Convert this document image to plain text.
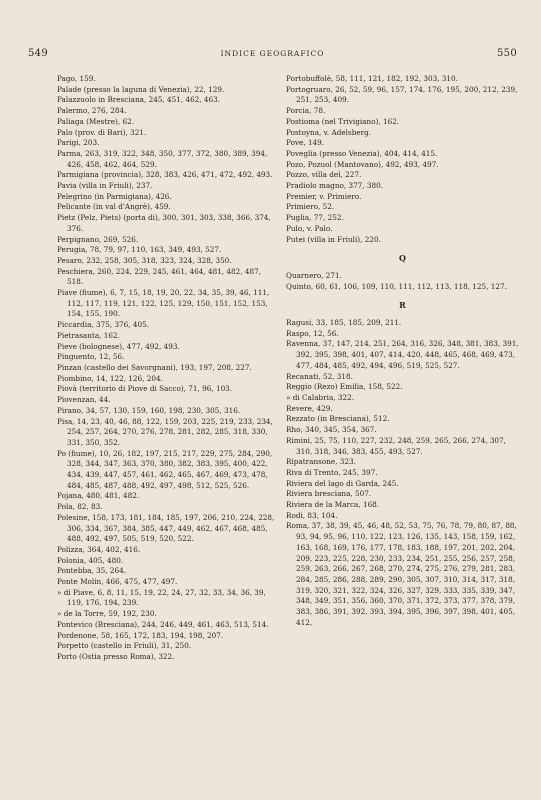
549	INDICE GEOGRAFICO	550

Pago, 159.

Palade (presso la laguna di Venezia), 22, 129.

Palazzuolo in Bresciana, 245, 451, 462, 463.

Palermo, 276, 284.

Paliaga (Mestre), 62.

Palo (prov. di Bari), 321.

Parigi, 203.

Parma, 263, 319, 322, 348, 350, 377, 372, 380, 389, 394, 426, 458, 462, 464, 529.

Parmigiana (provincia), 328, 383, 426, 471, 472, 492, 493.

Pavia (villa in Friuli), 237.

Pelegrino (in Parmigiana), 426.

Pelicante (in val d'Angrè), 459.

Pietz (Pelz, Piets) (porta di), 300, 301, 303, 338, 366, 374, 376.

Perpignano, 269, 526.

Perugia, 78, 79, 97, 110, 163, 349, 493, 527.

Pesaro, 232, 258, 305, 318, 323, 324, 328, 350.

Peschiera, 260, 224, 229, 245, 461, 464, 481, 482, 487, 518.

Piave (fiume), 6, 7, 15, 18, 19, 20, 22, 34, 35, 39, 46, 111, 112, 117, 119, 121, 122, 125, 129, 150, 151, 152, 153, 154, 155, 190.

Piccardia, 375, 376, 405.

Pietrasanta, 162.

Pieve (bolognese), 477, 492, 493.

Pinguento, 12, 56.

Pinzan (castello dei Savorgnani), 193, 197, 208, 227.

Piombino, 14, 122, 126, 204.

Piovà (territorio di Piove di Sacco), 71, 96, 103.

Piovenzan, 44.

Pirano, 34, 57, 130, 159, 160, 198, 230, 305, 316.

Pisa, 14, 23, 40, 46, 88, 122, 159, 203, 225, 219, 233, 234, 254, 257, 264, 270, 276, 278, 281, 282, 285, 318, 330, 331, 350, 352.

Po (fiume), 10, 26, 182, 197, 215, 217, 229, 275, 284, 290, 328, 344, 347, 363, 370, 380, 382, 383, 395, 400, 422, 434, 439, 447, 457, 461, 462, 465, 467, 469, 473, 478, 484, 485, 487, 488, 492, 497, 498, 512, 525, 526.

Pojana, 480, 481, 482.

Pola, 82, 83.

Polesine, 158, 173, 181, 184, 185, 197, 206, 210, 224, 228, 306, 334, 367, 384, 385, 447, 449, 462, 467, 468, 485, 488, 492, 497, 505, 519, 520, 522.

Polizza, 364, 402, 416.

Polonia, 405, 480.

Pontebba, 35, 264.

Ponte Molin, 466, 475, 477, 497.

» di Piave, 6, 8, 11, 15, 19, 22, 24, 27, 32, 33, 34, 36, 39, 119, 176, 194, 239.

» de la Torre, 59, 192, 230.

Pontevico (Bresciana), 244, 246, 449, 461, 463, 513, 514.

Pordenone, 58, 165, 172, 183, 194, 198, 207.

Porpetto (castello in Friuli), 31, 250.

Porto (Ostia presso Roma), 322.

Portobuffolè, 58, 111, 121, 182, 192, 303, 310.

Portogruaro, 26, 52, 59, 96, 157, 174, 176, 195, 200, 212, 239, 251, 253, 409.

Porcia, 78.

Postioma (nel Trivigiano), 162.

Postoyna, v. Adelsberg.

Pove, 149.

Poveglia (presso Venezia), 404, 414, 415.

Pozo, Pozuol (Mantovano), 492, 493, 497.

Pozzo, villa del, 227.

Pradiolo magno, 377, 380.

Premier, v. Primiero.

Primiero, 52.

Puglia, 77, 252.

Pulo, v. Palo.

Putei (villa in Friuli), 220.

Q

Quarnero, 271.

Quinto, 60, 61, 106, 109, 110, 111, 112, 113, 118, 125, 127.

R

Ragusi, 33, 185, 185, 209, 211.

Raspo, 12, 56.

Ravenna, 37, 147, 214, 251, 264, 316, 326, 348, 381, 383, 391, 392, 395, 398, 401, 407, 414, 420, 448, 465, 468, 469, 473, 477, 484, 485, 492, 494, 496, 519, 525, 527.

Recanati, 52, 318.

Reggio (Rezo) Emilia, 158, 522.

» di Calabria, 322.

Revere, 429.

Rezzato (in Bresciana), 512.

Rho, 340, 345, 354, 367.

Rimini, 25, 75, 110, 227, 232, 248, 259, 265, 266, 274, 307, 310, 318, 346, 383, 455, 493, 527.

Ripatransone, 323.

Riva di Trento, 245, 397.

Riviera del lago di Garda, 245.

Riviera bresciana, 507.

Riviera de la Marca, 168.

Rodi, 83, 104.

Roma, 37, 38, 39, 45, 46, 48, 52, 53, 75, 76, 78, 79, 80, 87, 88, 93, 94, 95, 96, 110, 122, 123, 126, 135, 143, 158, 159, 162, 163, 168, 169, 176, 177, 178, 183, 188, 197, 201, 202, 204, 209, 223, 225, 228, 230, 233, 234, 251, 255, 256, 257, 258, 259, 263, 266, 267, 268, 270, 274, 275, 276, 279, 281, 283, 284, 285, 286, 288, 289, 290, 305, 307, 310, 314, 317, 318, 319, 320, 321, 322, 324, 326, 327, 329, 333, 335, 339, 347, 348, 349, 351, 356, 360, 370, 371, 372, 373, 377, 378, 379, 383, 386, 391, 392, 393, 394, 395, 396, 397, 398, 401, 405, 412,
